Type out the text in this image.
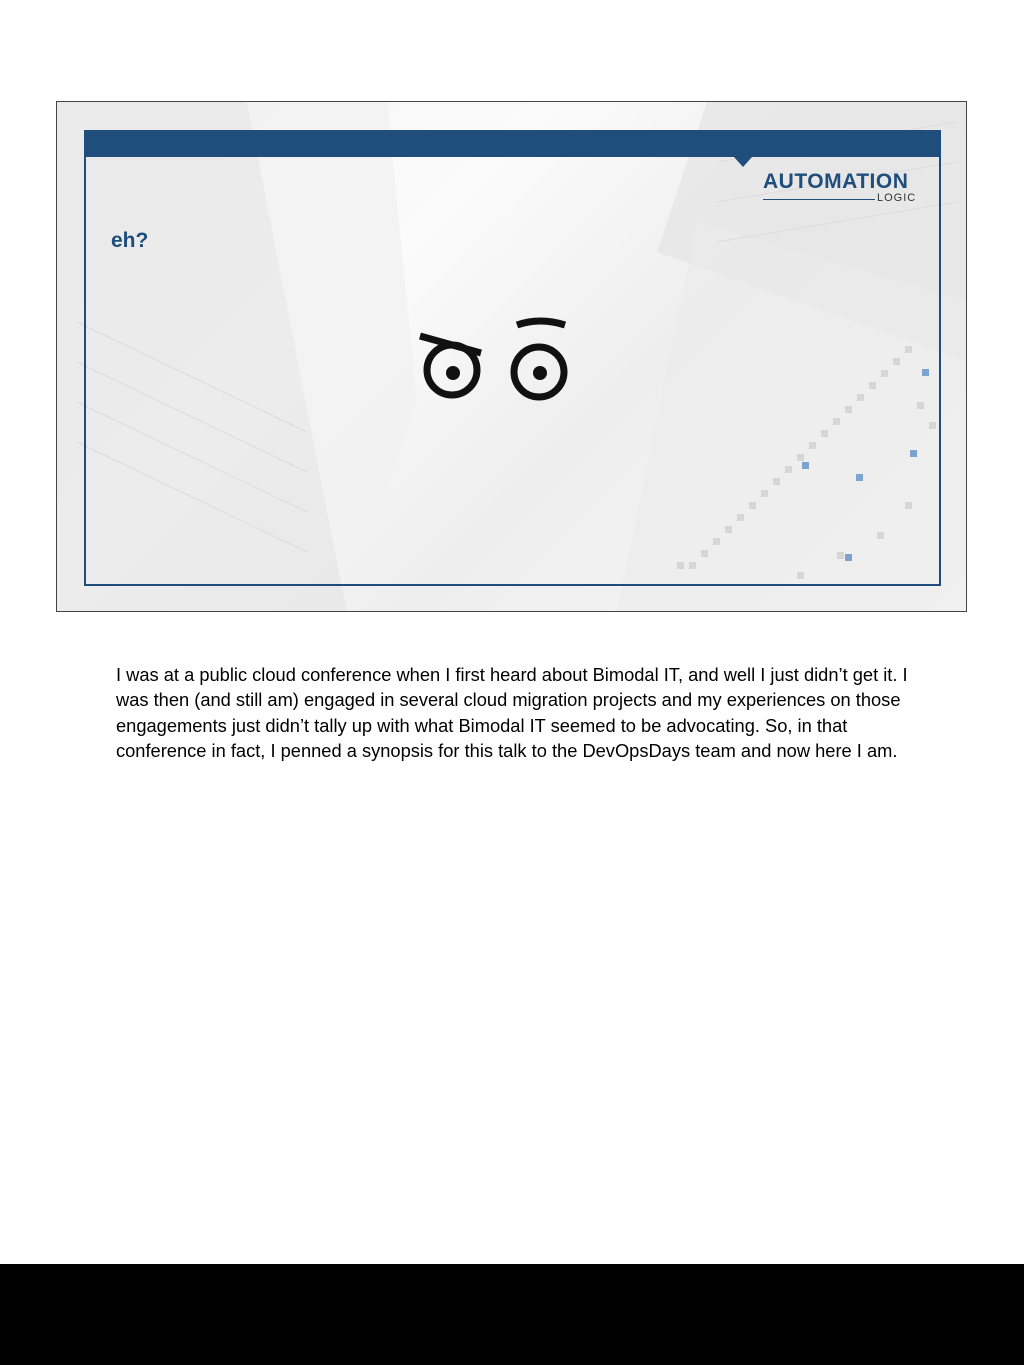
AUTOMATION
LOGIC
eh?

I was at a public cloud conference when I first heard about Bimodal IT, and well I just didn’t get it. I was then (and still am) engaged in several cloud migration projects and my experiences on those engagements just didn’t tally up with what Bimodal IT seemed to be advocating. So, in that conference in fact, I penned a synopsis for this talk to the DevOpsDays team and now here I am.
